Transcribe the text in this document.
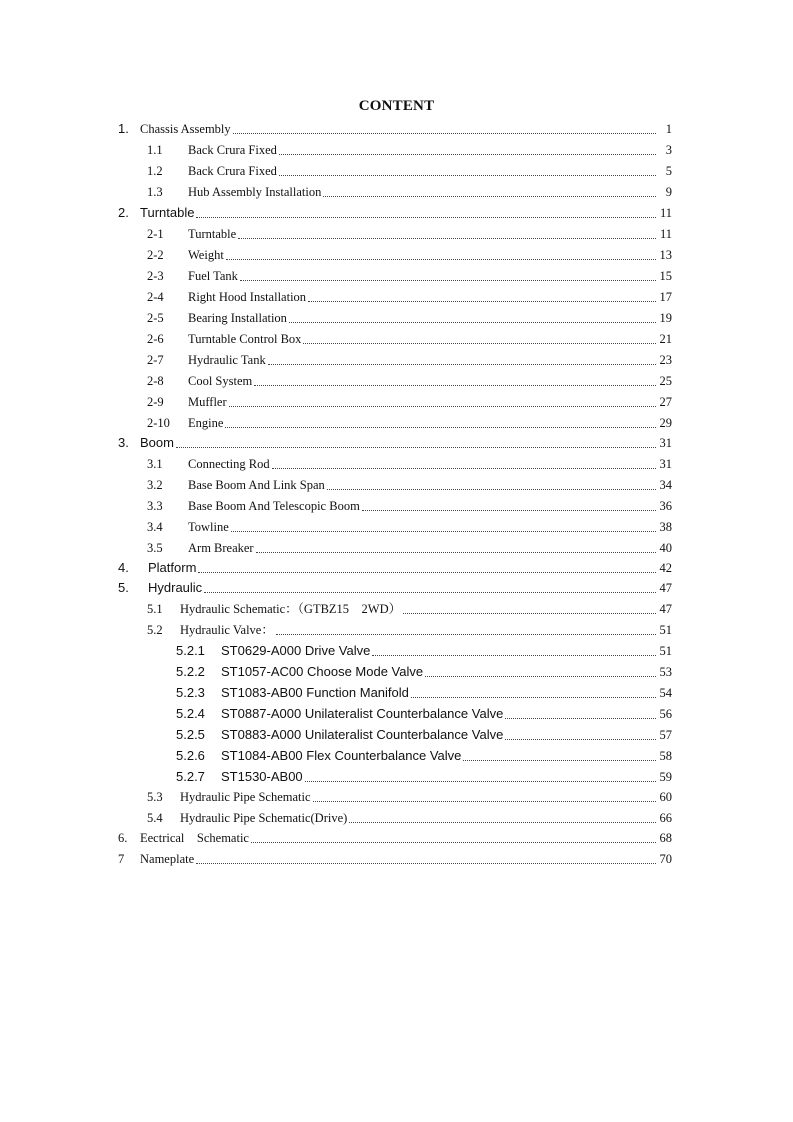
CONTENT
1. Chassis Assembly	1
1.1	Back Crura Fixed	3
1.2	Back Crura Fixed	5
1.3	Hub Assembly Installation	9
2. Turntable	11
2-1	Turntable	11
2-2	Weight	13
2-3	Fuel Tank	15
2-4	Right Hood Installation	17
2-5	Bearing Installation	19
2-6	Turntable Control Box	21
2-7	Hydraulic Tank	23
2-8	Cool System	25
2-9	Muffler	27
2-10	Engine	29
3. Boom	31
3.1	Connecting Rod	31
3.2	Base Boom And Link Span	34
3.3	Base Boom And Telescopic Boom	36
3.4	Towline	38
3.5	Arm Breaker	40
4.	Platform	42
5.	Hydraulic	47
5.1	Hydraulic Schematic：（GTBZ15　2WD）	47
5.2	Hydraulic Valve：	51
5.2.1	ST0629-A000 Drive Valve	51
5.2.2	ST1057-AC00 Choose Mode Valve	53
5.2.3	ST1083-AB00 Function Manifold	54
5.2.4	ST0887-A000 Unilateralist Counterbalance Valve	56
5.2.5	ST0883-A000 Unilateralist Counterbalance Valve	57
5.2.6	ST1084-AB00 Flex Counterbalance Valve	58
5.2.7	ST1530-AB00	59
5.3	Hydraulic Pipe Schematic	60
5.4	Hydraulic Pipe Schematic(Drive)	66
6.	Eectrical　Schematic	68
7	Nameplate	70
